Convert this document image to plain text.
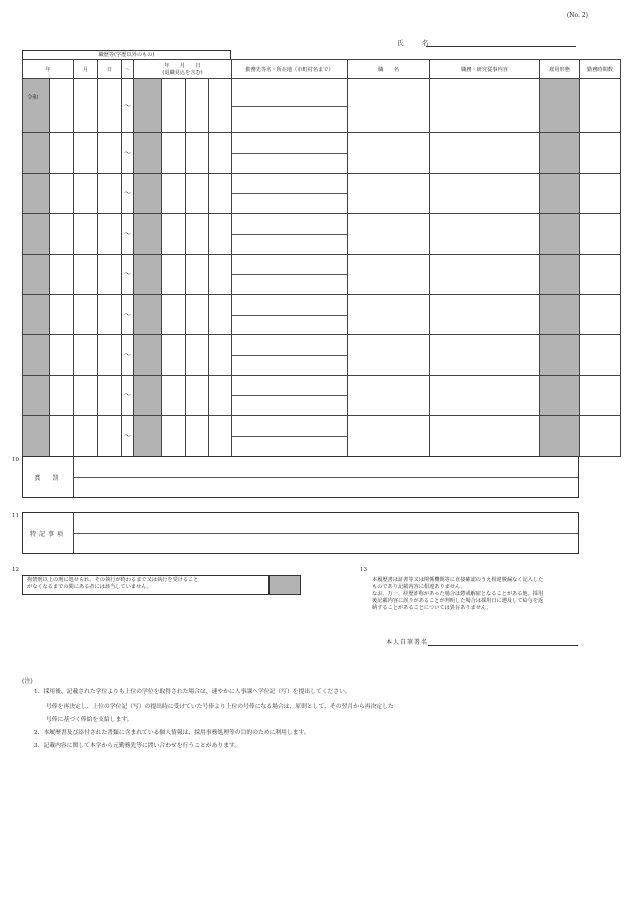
(No. 2)
氏　名
職歴等(学歴以外のもの)
年		月	日	～	年　　月　　日
(退職見込を含む)				勤務先等名・所在地（市町村名まで）	職　　名	職務・研究従事内容	雇用形態	勤務時間数
令和				～					

				～					

				～					

				～					

				～					

				～					

				～					

				～					

				～					

10
賞　罰
11
特記事項
12
拘禁刑以上の刑に処せられ、その執行が終わるまで又は執行を受けること
がなくなるまでの間にある者には該当していません。
13
本履歴書は証書等又は関係機関等に直接確認のうえ相違脱漏なく記入した
ものであり記載内容に相違ありません。
なお、万一、経歴詐称があった場合は懲戒解雇となることがある他、採用
後記載内容に誤りがあることが判明した場合は採用日に遡及して給与を返
納することがあることについては異存ありません。
本人自筆署名
(注)
1．採用後、記載された学位よりも上位の学位を取得された場合は、速やかに人事課へ学位記（写）を提出してください。
号俸を再決定し、上位の学位記（写）の提出時に受けていた号俸より上位の号俸になる場合は、原則として、その翌月から再決定した
号俸に基づく俸給を支給します。
2．本履歴書及び添付された書類に含まれている個人情報は、採用事務処理等の目的のために利用します。
3．記載内容に関して本学から元勤務先等に問い合わせを行うことがあります。
